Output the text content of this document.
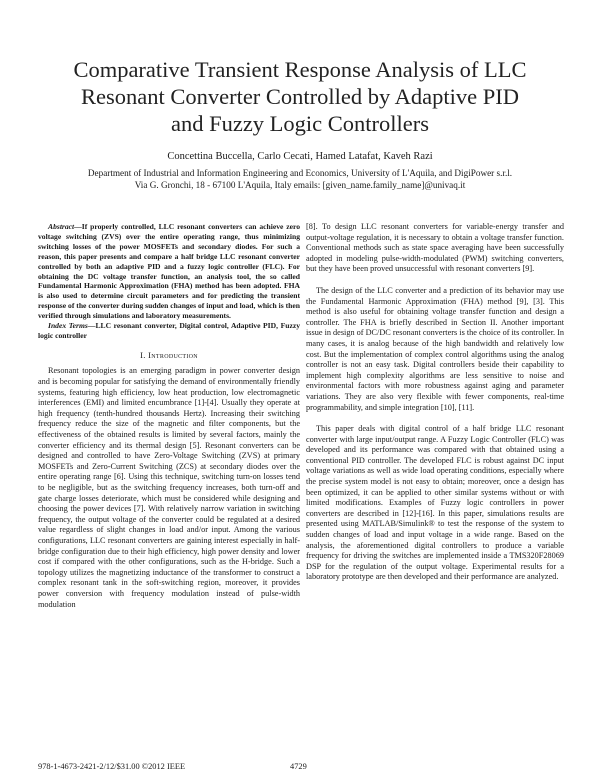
Comparative Transient Response Analysis of LLC
Resonant Converter Controlled by Adaptive PID
and Fuzzy Logic Controllers
Concettina Buccella, Carlo Cecati, Hamed Latafat, Kaveh Razi
Department of Industrial and Information Engineering and Economics, University of L'Aquila, and DigiPower s.r.l.
Via G. Gronchi, 18 - 67100 L'Aquila, Italy emails: [given_name.family_name]@univaq.it

Abstract—If properly controlled, LLC resonant converters can achieve zero voltage switching (ZVS) over the entire operating range, thus minimizing switching losses of the power MOSFETs and secondary diodes. For such a reason, this paper presents and compare a half bridge LLC resonant converter controlled by both an adaptive PID and a fuzzy logic controller (FLC). For obtaining the DC voltage transfer function, an analysis tool, the so called Fundamental Harmonic Approximation (FHA) method has been adopted. FHA is also used to determine circuit parameters and for predicting the transient response of the converter during sudden changes of input and load, which is then verified through simulations and laboratory measurements.

Index Terms—LLC resonant converter, Digital control, Adaptive PID, Fuzzy logic controller

I. Introduction

Resonant topologies is an emerging paradigm in power converter design and is becoming popular for satisfying the demand of environmentally friendly systems, featuring high efficiency, low heat production, low electromagnetic interferences (EMI) and limited encumbrance [1]-[4]. Usually they operate at high frequency (tenth-hundred thousands Hertz). Increasing their switching frequency reduce the size of the magnetic and filter components, but the effectiveness of the obtained results is limited by several factors, mainly the converter efficiency and its thermal design [5]. Resonant converters can be designed and controlled to have Zero-Voltage Switching (ZVS) at primary MOSFETs and Zero-Current Switching (ZCS) at secondary diodes over the entire operating range [6]. Using this technique, switching turn-on losses tend to be negligible, but as the switching frequency increases, both turn-off and gate charge losses deteriorate, which must be considered while designing and choosing the power devices [7]. With relatively narrow variation in switching frequency, the output voltage of the converter could be regulated at a desired value regardless of slight changes in load and/or input. Among the various configurations, LLC resonant converters are gaining interest especially in half-bridge configuration due to their high efficiency, high power density and lower cost if compared with the other configurations, such as the H-bridge. Such a topology utilizes the magnetizing inductance of the transformer to construct a complex resonant tank in the soft-switching region, moreover, it provides power conversion with frequency modulation instead of pulse-width modulation

[8]. To design LLC resonant converters for variable-energy transfer and output-voltage regulation, it is necessary to obtain a voltage transfer function. Conventional methods such as state space averaging have been successfully adopted in modeling pulse-width-modulated (PWM) switching converters, but they have been proved unsuccessful with resonant converters [9].

The design of the LLC converter and a prediction of its behavior may use the Fundamental Harmonic Approximation (FHA) method [9], [3]. This method is also useful for obtaining voltage transfer function and design a controller. The FHA is briefly described in Section II. Another important issue in design of DC/DC resonant converters is the choice of its controller. In many cases, it is analog because of the high bandwidth and relatively low cost. But the implementation of complex control algorithms using the analog controller is not an easy task. Digital controllers beside their capability to implement high complexity algorithms are less sensitive to noise and environmental factors with more robustness against aging and parameter variations. They are also very flexible with fewer components, real-time programmability, and simple integration [10], [11].

This paper deals with digital control of a half bridge LLC resonant converter with large input/output range. A Fuzzy Logic Controller (FLC) was developed and its performance was compared with that obtained using a conventional PID controller. The developed FLC is robust against DC input voltage variations as well as wide load operating conditions, especially where the precise system model is not easy to obtain; moreover, once a design has been optimized, it can be applied to other similar systems without or with limited modifications. Examples of Fuzzy logic controllers in power converters are described in [12]-[16]. In this paper, simulations results are presented using MATLAB/Simulink® to test the response of the system to sudden changes of load and input voltage in a wide range. Based on the analysis, the aforementioned digital controllers to produce a variable frequency for driving the switches are implemented inside a TMS320F28069 DSP for the regulation of the output voltage. Experimental results for a laboratory prototype are then developed and their performance are analyzed.

978-1-4673-2421-2/12/$31.00 ©2012 IEEE	4729
